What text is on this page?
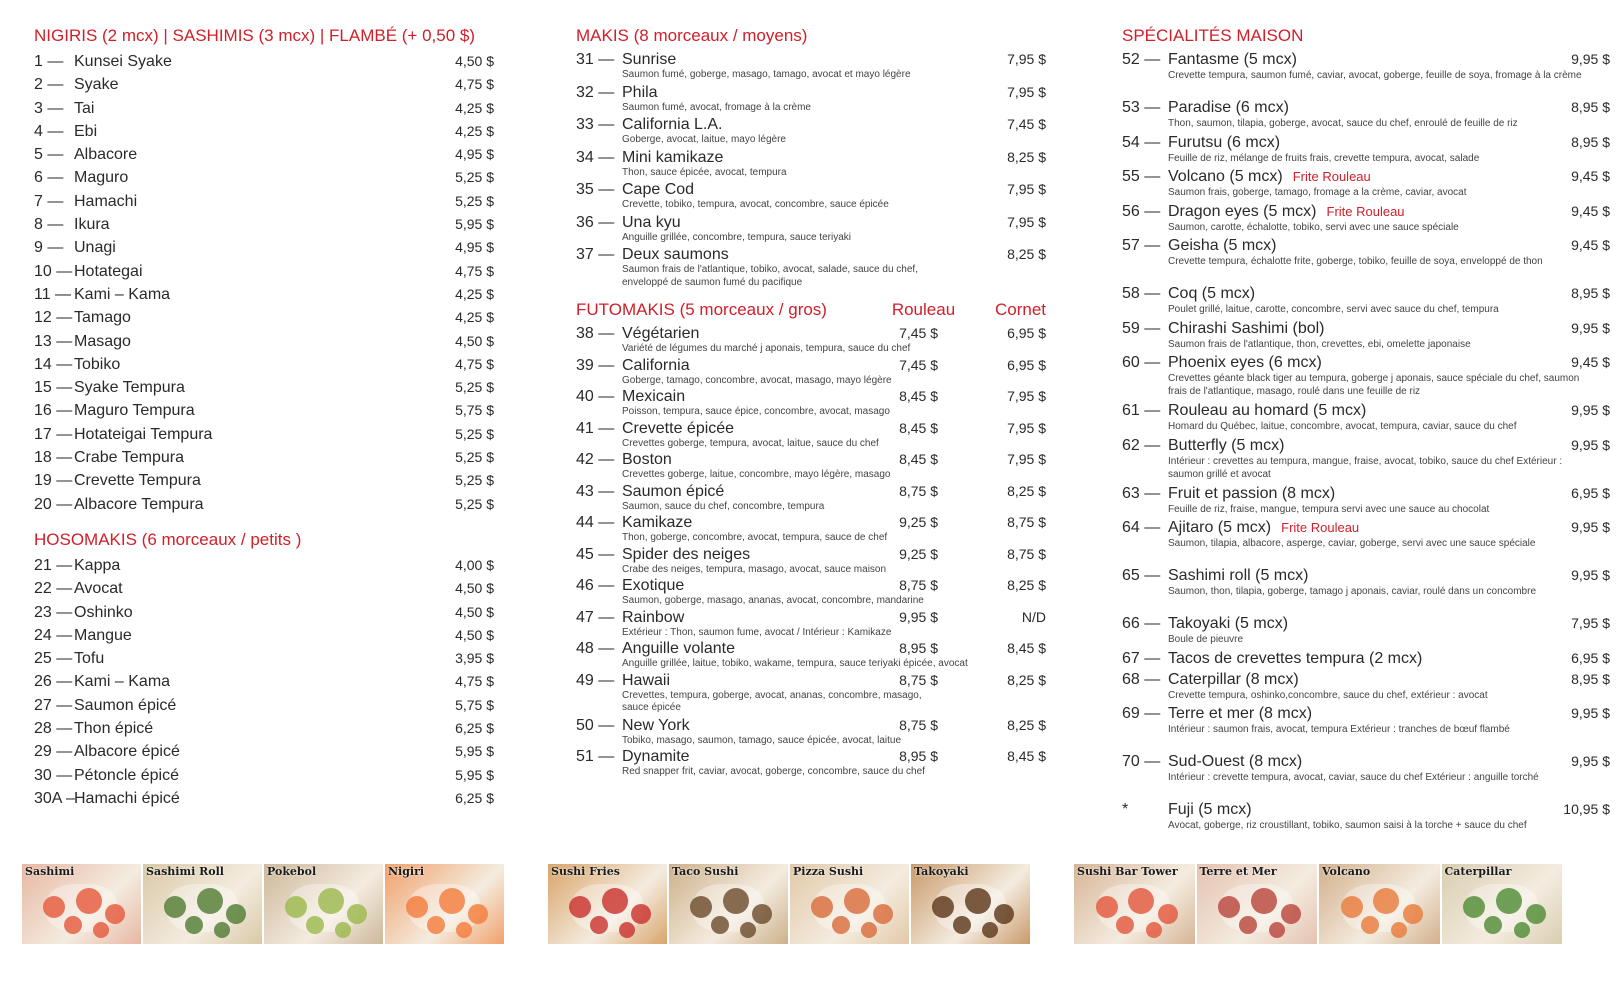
NIGIRIS (2 mcx) | SASHIMIS (3 mcx) | FLAMBÉ (+ 0,50 $)
1 — Kunsei Syake	4,50 $
2 — Syake	4,75 $
3 — Tai	4,25 $
4 — Ebi	4,25 $
5 — Albacore	4,95 $
6 — Maguro	5,25 $
7 — Hamachi	5,25 $
8 — Ikura	5,95 $
9 — Unagi	4,95 $
10 — Hotategai	4,75 $
11 — Kami – Kama	4,25 $
12 — Tamago	4,25 $
13 — Masago	4,50 $
14 — Tobiko	4,75 $
15 — Syake Tempura	5,25 $
16 — Maguro Tempura	5,75 $
17 — Hotateigai Tempura	5,25 $
18 — Crabe Tempura	5,25 $
19 — Crevette Tempura	5,25 $
20 — Albacore Tempura	5,25 $
HOSOMAKIS (6 morceaux / petits )
21 — Kappa	4,00 $
22 — Avocat	4,50 $
23 — Oshinko	4,50 $
24 — Mangue	4,50 $
25 — Tofu	3,95 $
26 — Kami – Kama	4,75 $
27 — Saumon épicé	5,75 $
28 — Thon épicé	6,25 $
29 — Albacore épicé	5,95 $
30 — Pétoncle épicé	5,95 $
30A – Hamachi épicé	6,25 $
MAKIS (8 morceaux / moyens)
31 — Sunrise	7,95 $
Saumon fumé, goberge, masago, tamago, avocat et mayo légère
32 — Phila	7,95 $
Saumon fumé, avocat, fromage à la crème
33 — California L.A.	7,45 $
Goberge, avocat, laitue, mayo légère
34 — Mini kamikaze	8,25 $
Thon, sauce épicée, avocat, tempura
35 — Cape Cod	7,95 $
Crevette, tobiko, tempura, avocat, concombre, sauce épicée
36 — Una kyu	7,95 $
Anguille grillée, concombre, tempura, sauce teriyaki
37 — Deux saumons	8,25 $
Saumon frais de l'atlantique, tobiko, avocat, salade, sauce du chef,
enveloppé de saumon fumé du pacifique
FUTOMAKIS (5 morceaux / gros)	Rouleau	Cornet
38 — Végétarien	7,45 $	6,95 $
Variété de légumes du marché j aponais, tempura, sauce du chef
39 — California	7,45 $	6,95 $
Goberge, tamago, concombre, avocat, masago, mayo légère
40 — Mexicain	8,45 $	7,95 $
Poisson, tempura, sauce épice, concombre, avocat, masago
41 — Crevette épicée	8,45 $	7,95 $
Crevettes goberge, tempura, avocat, laitue, sauce du chef
42 — Boston	8,45 $	7,95 $
Crevettes goberge, laitue, concombre, mayo légère, masago
43 — Saumon épicé	8,75 $	8,25 $
Saumon, sauce du chef, concombre, tempura
44 — Kamikaze	9,25 $	8,75 $
Thon, goberge, concombre, avocat, tempura, sauce de chef
45 — Spider des neiges	9,25 $	8,75 $
Crabe des neiges, tempura, masago, avocat, sauce maison
46 — Exotique	8,75 $	8,25 $
Saumon, goberge, masago, ananas, avocat, concombre, mandarine
47 — Rainbow	9,95 $	N/D
Extérieur : Thon, saumon fume, avocat / Intérieur : Kamikaze
48 — Anguille volante	8,95 $	8,45 $
Anguille grillée, laitue, tobiko, wakame, tempura, sauce teriyaki épicée, avocat
49 — Hawaii	8,75 $	8,25 $
Crevettes, tempura, goberge, avocat, ananas, concombre, masago,
sauce épicée
50 — New York	8,75 $	8,25 $
Tobiko, masago, saumon, tamago, sauce épicée, avocat, laitue
51 — Dynamite	8,95 $	8,45 $
Red snapper frit, caviar, avocat, goberge, concombre, sauce du chef
SPÉCIALITÉS MAISON
52 — Fantasme (5 mcx)	9,95 $
Crevette tempura, saumon fumé, caviar, avocat, goberge, feuille de soya, fromage à la crème
53 — Paradise (6 mcx)	8,95 $
Thon, saumon, tilapia, goberge, avocat, sauce du chef, enroulé de feuille de riz
54 — Furutsu (6 mcx)	8,95 $
Feuille de riz, mélange de fruits frais, crevette tempura, avocat, salade
55 — Volcano (5 mcx) Frite Rouleau	9,45 $
Saumon frais, goberge, tamago, fromage a la crème, caviar, avocat
56 — Dragon eyes (5 mcx) Frite Rouleau	9,45 $
Saumon, carotte, échalotte, tobiko, servi avec une sauce spéciale
57 — Geisha (5 mcx)	9,45 $
Crevette tempura, échalotte frite, goberge, tobiko, feuille de soya, enveloppé de thon
58 — Coq (5 mcx)	8,95 $
Poulet grillé, laitue, carotte, concombre, servi avec sauce du chef, tempura
59 — Chirashi Sashimi (bol)	9,95 $
Saumon frais de l'atlantique, thon, crevettes, ebi, omelette japonaise
60 — Phoenix eyes (6 mcx)	9,45 $
Crevettes géante black tiger au tempura, goberge j aponais, sauce spéciale du chef, saumon frais de l'atlantique, masago, roulé dans une feuille de riz
61 — Rouleau au homard (5 mcx)	9,95 $
Homard du Québec, laitue, concombre, avocat, tempura, caviar, sauce du chef
62 — Butterfly (5 mcx)	9,95 $
Intérieur : crevettes au tempura, mangue, fraise, avocat, tobiko, sauce du chef Extérieur : saumon grillé et avocat
63 — Fruit et passion (8 mcx)	6,95 $
Feuille de riz, fraise, mangue, tempura servi avec une sauce au chocolat
64 — Ajitaro (5 mcx) Frite Rouleau	9,95 $
Saumon, tilapia, albacore, asperge, caviar, goberge, servi avec une sauce spéciale
65 — Sashimi roll (5 mcx)	9,95 $
Saumon, thon, tilapia, goberge, tamago j aponais, caviar, roulé dans un concombre
66 — Takoyaki (5 mcx)	7,95 $
Boule de pieuvre
67 — Tacos de crevettes tempura (2 mcx)	6,95 $
68 — Caterpillar (8 mcx)	8,95 $
Crevette tempura, oshinko,concombre, sauce du chef, extérieur : avocat
69 — Terre et mer (8 mcx)	9,95 $
Intérieur : saumon frais, avocat, tempura Extérieur : tranches de bœuf flambé
70 — Sud-Ouest (8 mcx)	9,95 $
Intérieur : crevette tempura, avocat, caviar, sauce du chef Extérieur : anguille torché
*	Fuji (5 mcx)	10,95 $
Avocat, goberge, riz croustillant, tobiko, saumon saisi à la torche + sauce du chef
Sashimi	Sashimi Roll	Pokebol	Nigiri	Sushi Fries	Taco Sushi	Pizza Sushi	Takoyaki	Sushi Bar Tower Terre et Mer	Volcano	Caterpillar
